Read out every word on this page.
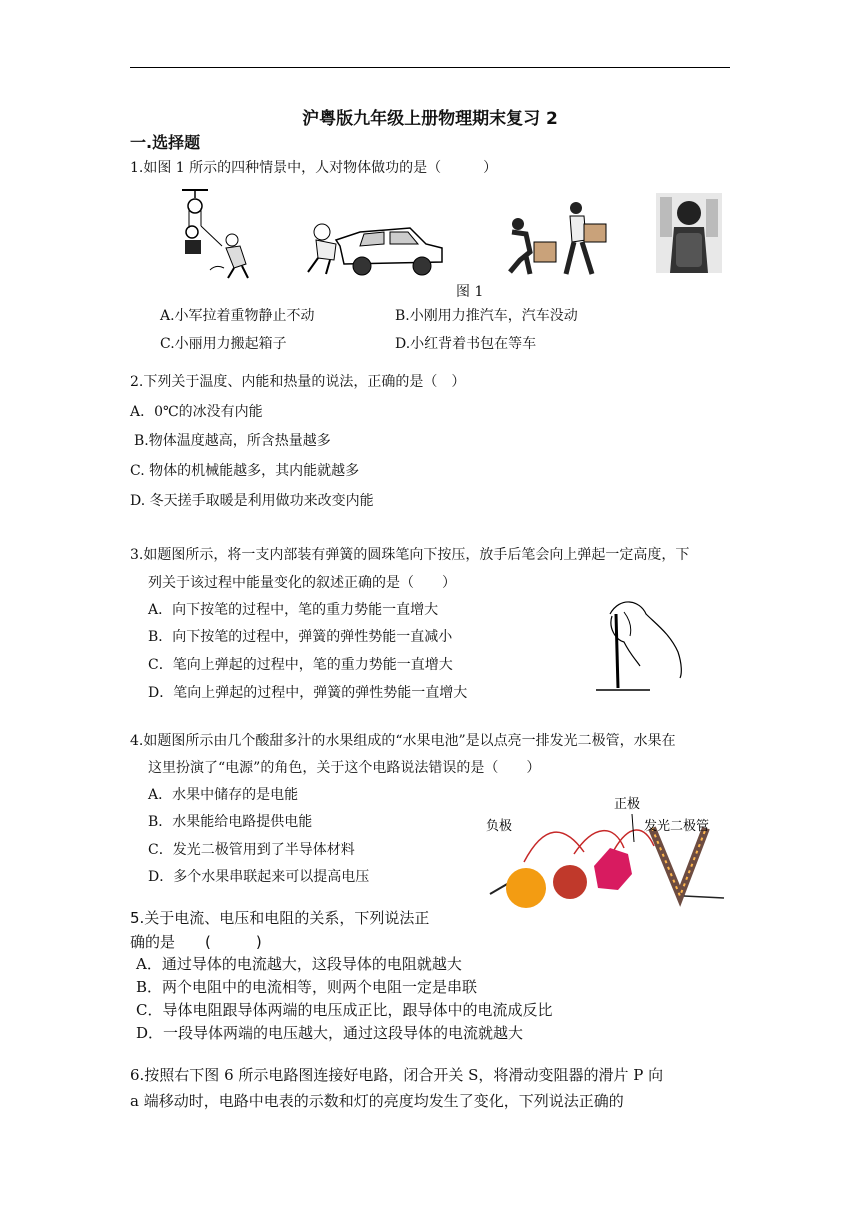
沪粤版九年级上册物理期末复习 2
一.选择题
1.如图 1 所示的四种情景中，人对物体做功的是（　　　）
图 1
A.小军拉着重物静止不动	B.小刚用力推汽车，汽车没动
C.小丽用力搬起箱子	D.小红背着书包在等车
2.下列关于温度、内能和热量的说法，正确的是（　）
A．0℃的冰没有内能
B.物体温度越高，所含热量越多
C. 物体的机械能越多，其内能就越多
D. 冬天搓手取暖是利用做功来改变内能
3.如题图所示，将一支内部装有弹簧的圆珠笔向下按压，放手后笔会向上弹起一定高度，下
列关于该过程中能量变化的叙述正确的是（　　）
A．向下按笔的过程中，笔的重力势能一直增大
B．向下按笔的过程中，弹簧的弹性势能一直减小
C．笔向上弹起的过程中，笔的重力势能一直增大
D．笔向上弹起的过程中，弹簧的弹性势能一直增大
4.如题图所示由几个酸甜多汁的水果组成的“水果电池”是以点亮一排发光二极管，水果在
这里扮演了“电源”的角色，关于这个电路说法错误的是（　　）
A．水果中储存的是电能
B．水果能给电路提供电能
C．发光二极管用到了半导体材料
D．多个水果串联起来可以提高电压
正极
负极	发光二极管
5.关于电流、电压和电阻的关系，下列说法正
确的是　　(　　　)
A．通过导体的电流越大，这段导体的电阻就越大
B．两个电阻中的电流相等，则两个电阻一定是串联
C．导体电阻跟导体两端的电压成正比，跟导体中的电流成反比
D．一段导体两端的电压越大，通过这段导体的电流就越大
6.按照右下图 6 所示电路图连接好电路，闭合开关 S，将滑动变阻器的滑片 P 向
a 端移动时，电路中电表的示数和灯的亮度均发生了变化，下列说法正确的
